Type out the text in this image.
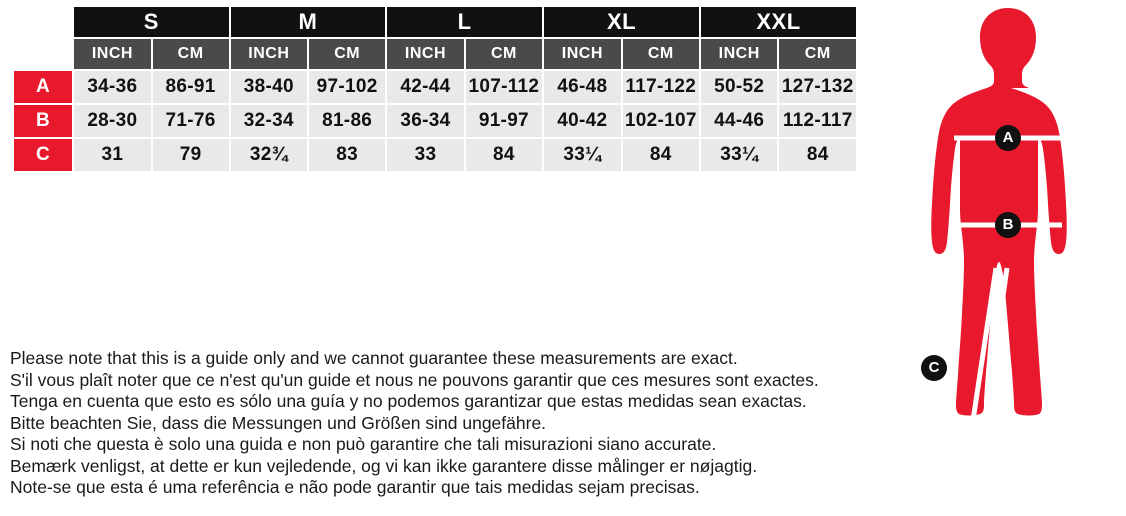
	S		M		L		XL		XXL	
	INCH	CM	INCH	CM	INCH	CM	INCH	CM	INCH	CM
A	34-36	86-91	38-40	97-102	42-44	107-112	46-48	117-122	50-52	127-132
B	28-30	71-76	32-34	81-86	36-34	91-97	40-42	102-107	44-46	112-117
C	31	79	32¾	83	33	84	33¼	84	33¼	84
Please note that this is a guide only and we cannot guarantee these measurements are exact.
S'il vous plaît noter que ce n'est qu'un guide et nous ne pouvons garantir que ces mesures sont exactes.
Tenga en cuenta que esto es sólo una guía y no podemos garantizar que estas medidas sean exactas.
Bitte beachten Sie, dass die Messungen und Größen sind ungefähre.
Si noti che questa è solo una guida e non può garantire che tali misurazioni siano accurate.
Bemærk venligst, at dette er kun vejledende, og vi kan ikke garantere disse målinger er nøjagtig.
Note-se que esta é uma referência e não pode garantir que tais medidas sejam precisas.
A
B
C
